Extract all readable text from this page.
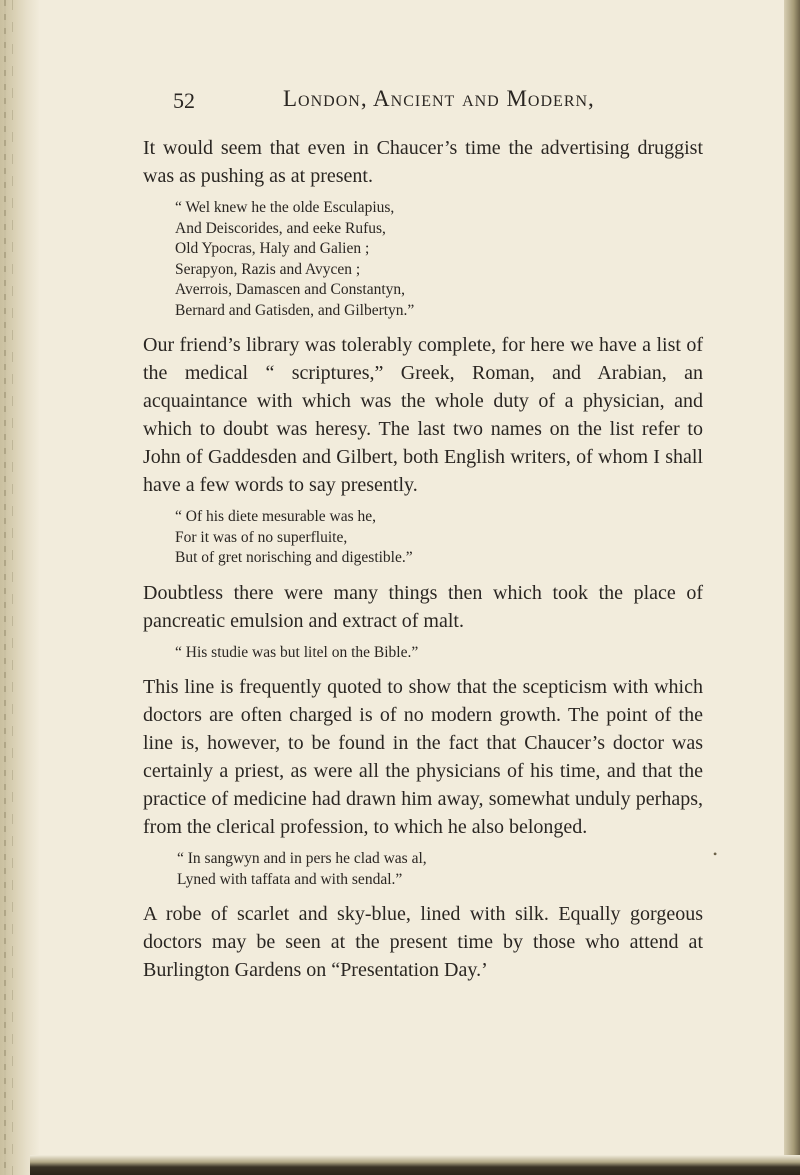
52	London, Ancient and Modern,

It would seem that even in Chaucer’s time the advertising druggist was as pushing as at present.

“ Wel knew he the olde Esculapius,
And Deiscorides, and eeke Rufus,
Old Ypocras, Haly and Galien ;
Serapyon, Razis and Avycen ;
Averrois, Damascen and Constantyn,
Bernard and Gatisden, and Gilbertyn.”

Our friend’s library was tolerably complete, for here we have a list of the medical “ scriptures,” Greek, Roman, and Arabian, an acquaintance with which was the whole duty of a physician, and which to doubt was heresy. The last two names on the list refer to John of Gaddesden and Gilbert, both English writers, of whom I shall have a few words to say presently.

“ Of his diete mesurable was he,
For it was of no superfluite,
But of gret norisching and digestible.”

Doubtless there were many things then which took the place of pancreatic emulsion and extract of malt.

“ His studie was but litel on the Bible.”

This line is frequently quoted to show that the scepticism with which doctors are often charged is of no modern growth. The point of the line is, however, to be found in the fact that Chaucer’s doctor was certainly a priest, as were all the physicians of his time, and that the practice of medicine had drawn him away, somewhat unduly perhaps, from the clerical profession, to which he also belonged.

“ In sangwyn and in pers he clad was al,
Lyned with taffata and with sendal.”

A robe of scarlet and sky-blue, lined with silk. Equally gorgeous doctors may be seen at the present time by those who attend at Burlington Gardens on “Presentation Day.’

•
